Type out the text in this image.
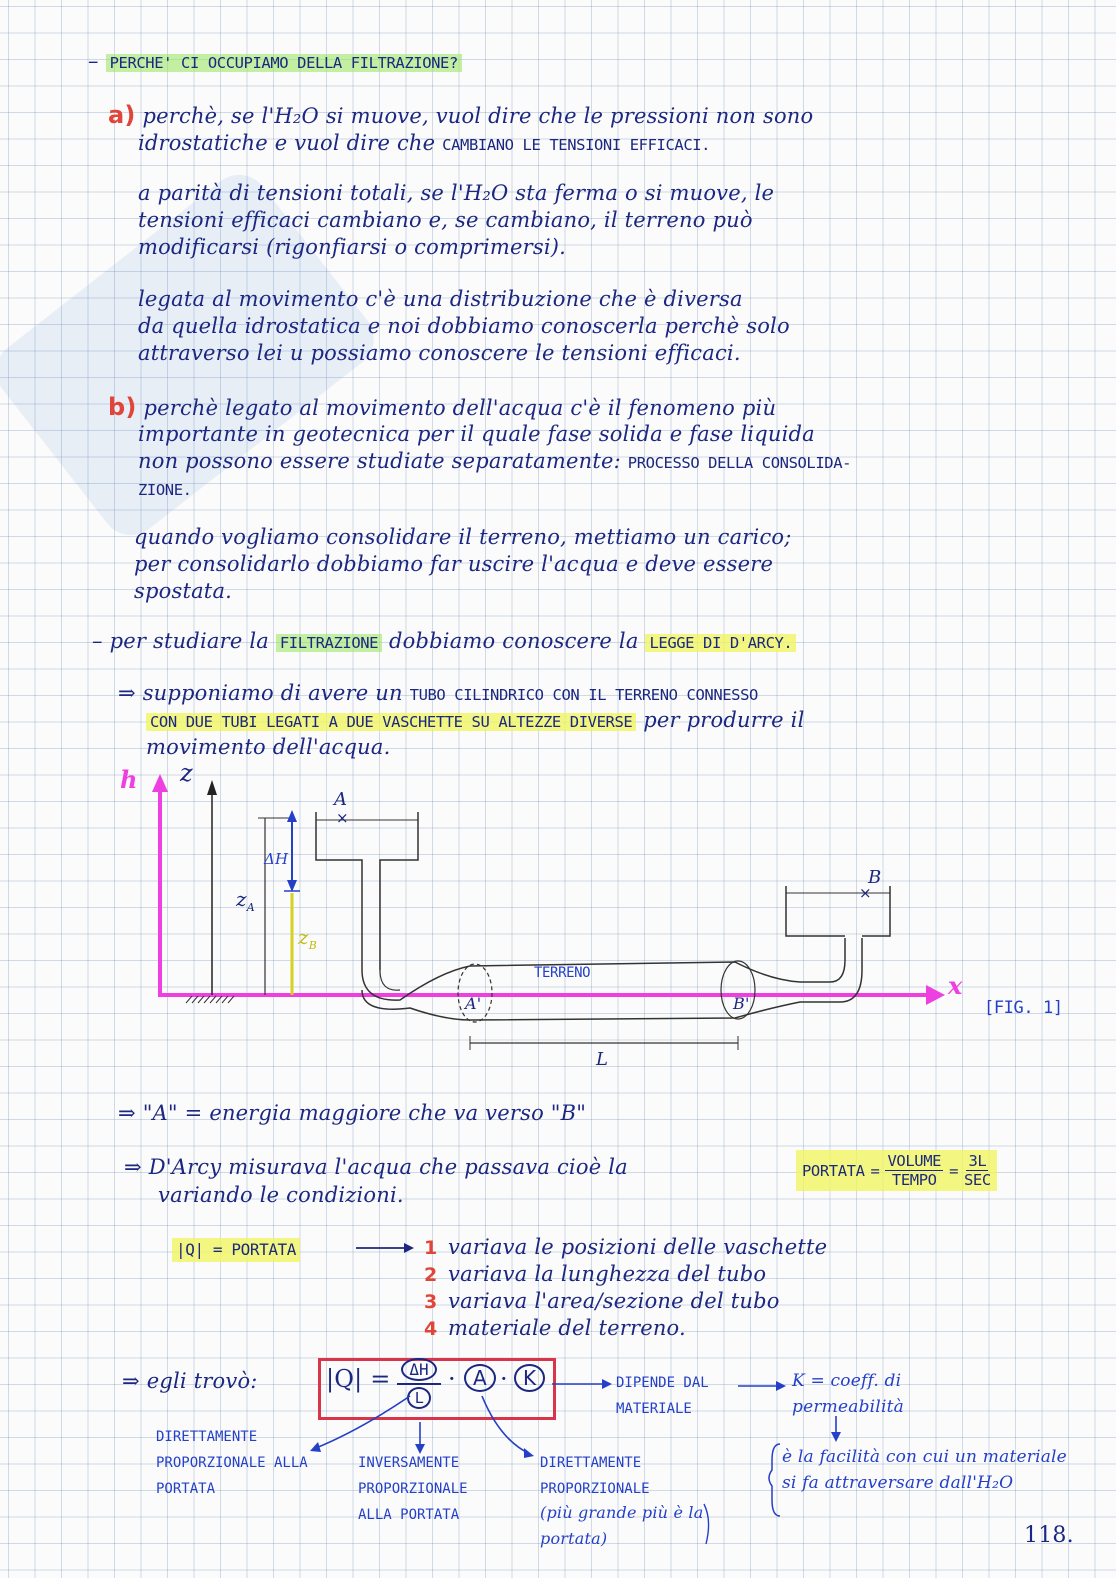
– PERCHE' CI OCCUPIAMO DELLA FILTRAZIONE?
a) perchè, se l'H₂O si muove, vuol dire che le pressioni non sono
idrostatiche e vuol dire che CAMBIANO LE TENSIONI EFFICACI.
a parità di tensioni totali, se l'H₂O sta ferma o si muove, le
tensioni efficaci cambiano e, se cambiano, il terreno può
modificarsi (rigonfiarsi o comprimersi).
legata al movimento c'è una distribuzione che è diversa
da quella idrostatica e noi dobbiamo conoscerla perchè solo
attraverso lei u possiamo conoscere le tensioni efficaci.
b) perchè legato al movimento dell'acqua c'è il fenomeno più
importante in geotecnica per il quale fase solida e fase liquida
non possono essere studiate separatamente: PROCESSO DELLA CONSOLIDA-
ZIONE.
quando vogliamo consolidare il terreno, mettiamo un carico;
per consolidarlo dobbiamo far uscire l'acqua e deve essere
spostata.
– per studiare la FILTRAZIONE dobbiamo conoscere la LEGGE DI D'ARCY.
⇒ supponiamo di avere un TUBO CILINDRICO CON IL TERRENO CONNESSO
CON DUE TUBI LEGATI A DUE VASCHETTE SU ALTEZZE DIVERSE per produrre il
movimento dell'acqua.
×
×
h z
x
A
B
A'	B'
ΔH
$z_A$
$z_B$
TERRENO
L
[FIG. 1]
⇒ "A" = energia maggiore che va verso "B"
⇒ D'Arcy misurava l'acqua che passava cioè la	PORTATA =
VOLUME
TEMPO
=
3L
SEC
variando le condizioni.
|Q| = PORTATA	1 variava le posizioni delle vaschette
2 variava la lunghezza del tubo
3 variava l'area/sezione del tubo
4 materiale del terreno.
⇒ egli trovò:	|Q| =	ΔH
L
· A · K	DIPENDE DAL MATERIALE
K = coeff. di permeabilità
DIRETTAMENTE PROPORZIONALE ALLA PORTATA
INVERSAMENTE PROPORZIONALE ALLA PORTATA
DIRETTAMENTE PROPORZIONALE
(più grande più è la portata)
è la facilità con cui un materiale si fa attraversare dall'H₂O
118.
